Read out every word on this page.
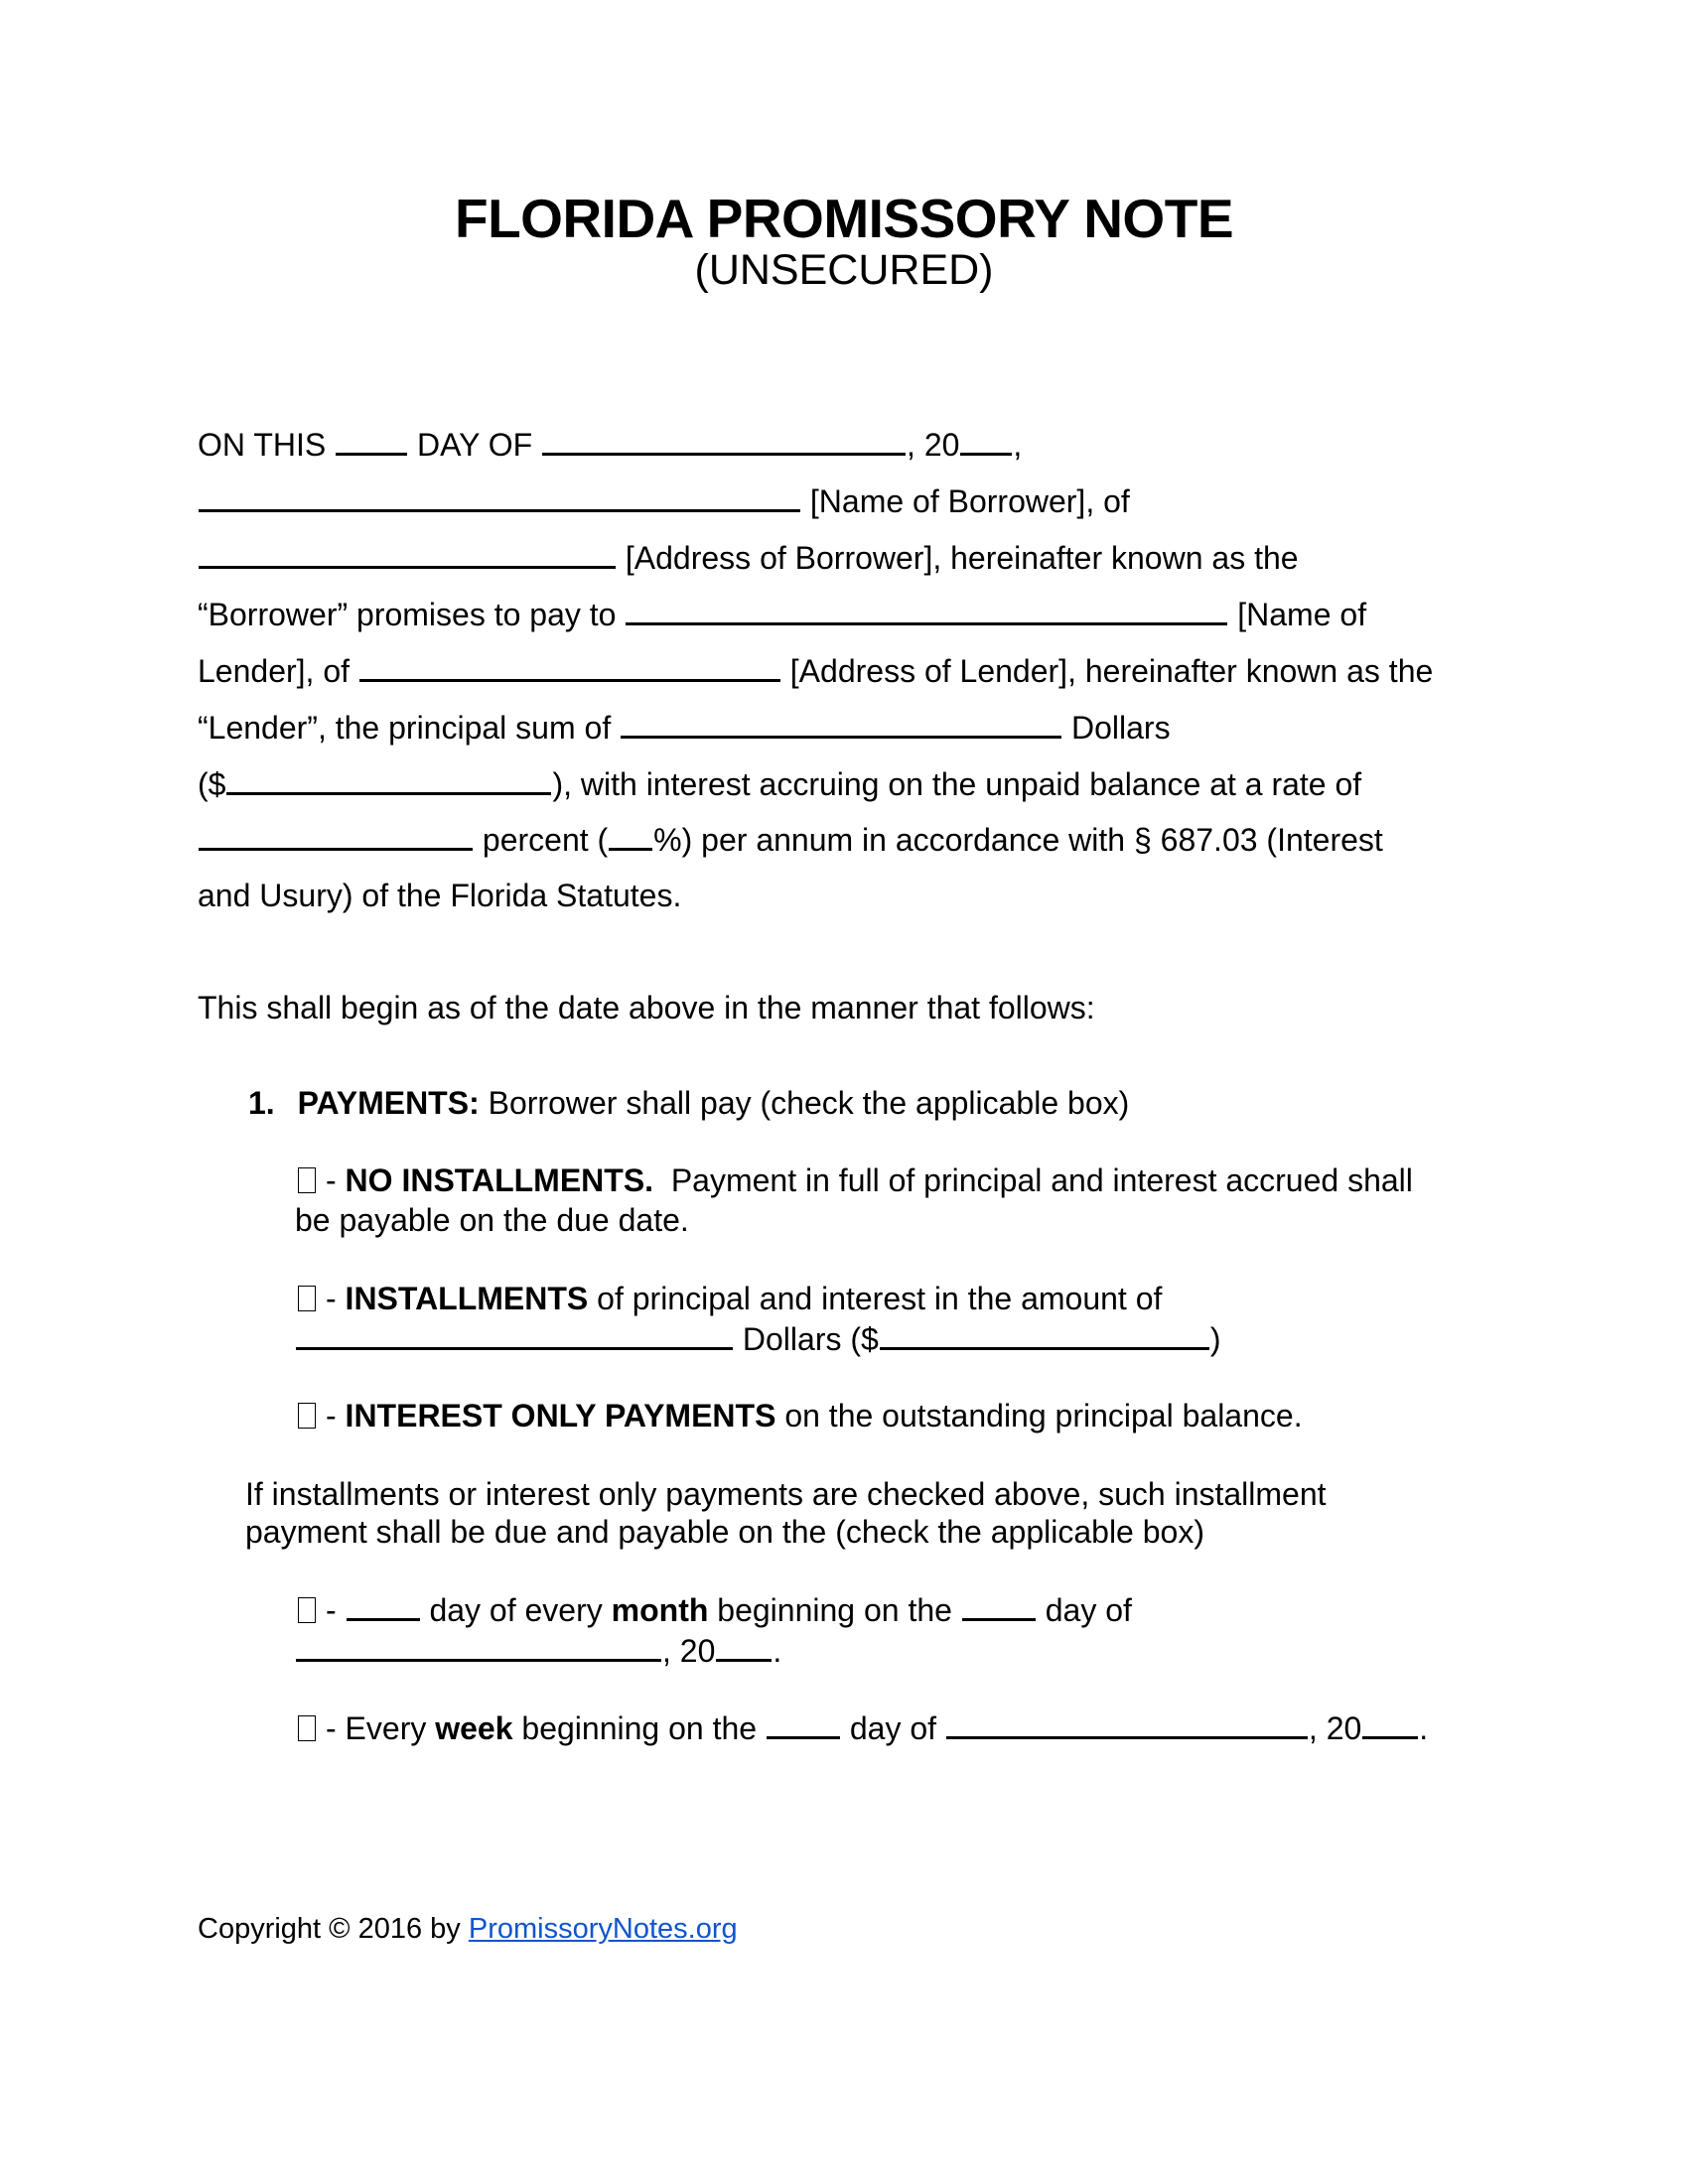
FLORIDA PROMISSORY NOTE
(UNSECURED)
ON THIS	DAY OF	, 20 ,
[Name of Borrower], of
[Address of Borrower], hereinafter known as the
“Borrower” promises to pay to	[Name of
Lender], of	[Address of Lender], hereinafter known as the
“Lender”, the principal sum of	Dollars
($	), with interest accruing on the unpaid balance at a rate of
percent ( %) per annum in accordance with § 687.03 (Interest
and Usury) of the Florida Statutes.
This shall begin as of the date above in the manner that follows:
1. PAYMENTS: Borrower shall pay (check the applicable box)
- NO INSTALLMENTS. Payment in full of principal and interest accrued shall
be payable on the due date.
- INSTALLMENTS of principal and interest in the amount of
Dollars ($	)
- INTEREST ONLY PAYMENTS on the outstanding principal balance.
If installments or interest only payments are checked above, such installment
payment shall be due and payable on the (check the applicable box)
-	day of every month beginning on the	day of
, 20 .
- Every week beginning on the	day of	, 20 .
Copyright © 2016 by PromissoryNotes.org
